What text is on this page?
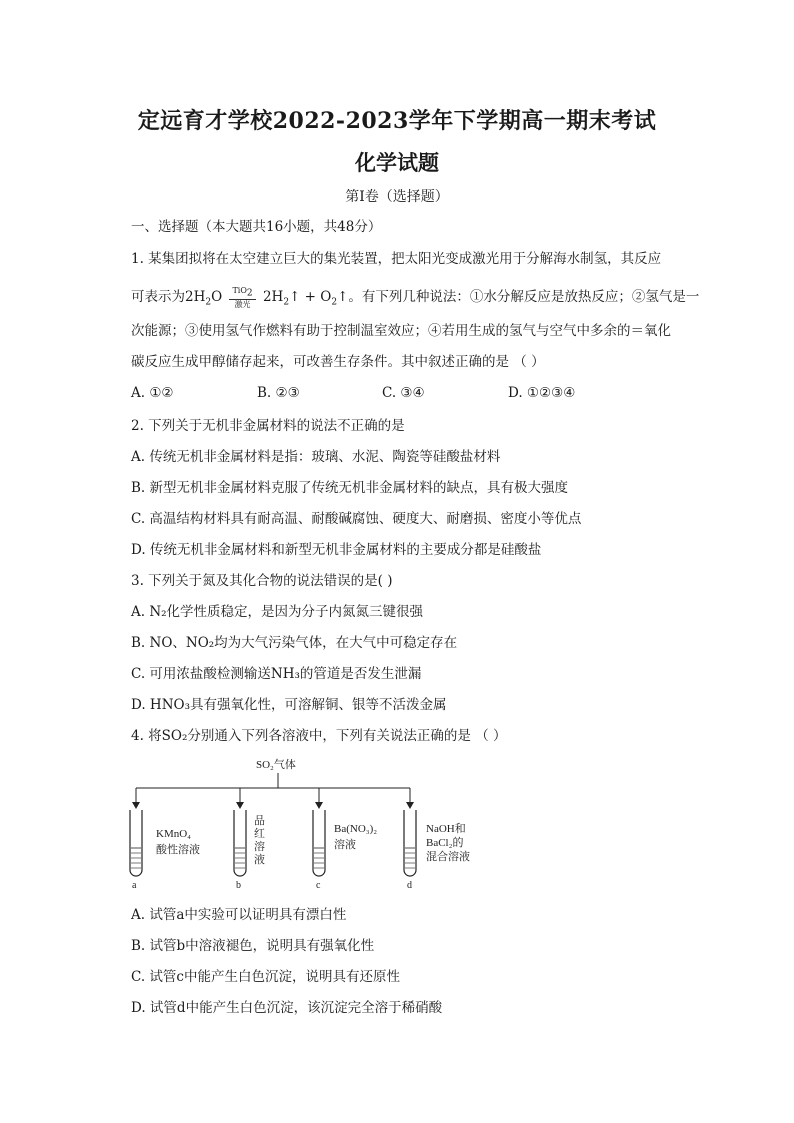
定远育才学校2022-2023学年下学期高一期末考试
化学试题
第Ⅰ卷（选择题）
一、选择题（本大题共16小题，共48分）
1. 某集团拟将在太空建立巨大的集光装置，把太阳光变成激光用于分解海水制氢，其反应
可表示为$2H_2O \frac{TiO_2}{\text{激光}}$ $2H_2↑$ + $O_2↑$。有下列几种说法：①水分解反应是放热反应；②氢气是一
次能源；③使用氢气作燃料有助于控制温室效应；④若用生成的氢气与空气中多余的＝氧化
碳反应生成甲醇储存起来，可改善生存条件。其中叙述正确的是 （ ）
A. ①②	B. ②③	C. ③④	D. ①②③④
2. 下列关于无机非金属材料的说法不正确的是
A. 传统无机非金属材料是指：玻璃、水泥、陶瓷等硅酸盐材料
B. 新型无机非金属材料克服了传统无机非金属材料的缺点，具有极大强度
C. 高温结构材料具有耐高温、耐酸碱腐蚀、硬度大、耐磨损、密度小等优点
D. 传统无机非金属材料和新型无机非金属材料的主要成分都是硅酸盐
3. 下列关于氮及其化合物的说法错误的是( )
A. N₂化学性质稳定，是因为分子内氮氮三键很强
B. NO、NO₂均为大气污染气体，在大气中可稳定存在
C. 可用浓盐酸检测输送NH₃的管道是否发生泄漏
D. HNO₃具有强氧化性，可溶解铜、银等不活泼金属
4. 将SO₂分别通入下列各溶液中，下列有关说法正确的是 （ ）
SO₂气体
KMnO₄
酸性溶液
a
品
红
溶
液
b
Ba(NO₃)₂
溶液
c
NaOH和
BaCl₂的
混合溶液
d
A. 试管a中实验可以证明具有漂白性
B. 试管b中溶液褪色，说明具有强氧化性
C. 试管c中能产生白色沉淀，说明具有还原性
D. 试管d中能产生白色沉淀，该沉淀完全溶于稀硝酸
